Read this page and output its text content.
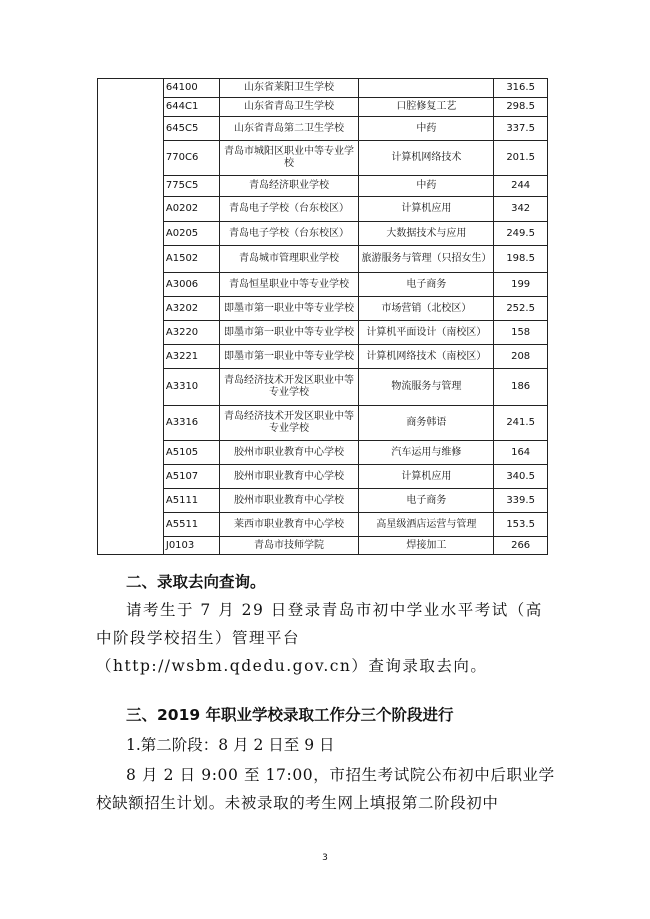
	64100	山东省莱阳卫生学校		316.5
	644C1	山东省青岛卫生学校	口腔修复工艺	298.5
	645C5	山东省青岛第二卫生学校	中药	337.5
	770C6	青岛市城阳区职业中等专业学校	计算机网络技术	201.5
	775C5	青岛经济职业学校	中药	244
	A0202	青岛电子学校（台东校区）	计算机应用	342
	A0205	青岛电子学校（台东校区）	大数据技术与应用	249.5
	A1502	青岛城市管理职业学校	旅游服务与管理（只招女生）	198.5
	A3006	青岛恒星职业中等专业学校	电子商务	199
	A3202	即墨市第一职业中等专业学校	市场营销（北校区）	252.5
	A3220	即墨市第一职业中等专业学校	计算机平面设计（南校区）	158
	A3221	即墨市第一职业中等专业学校	计算机网络技术（南校区）	208
	A3310	青岛经济技术开发区职业中等专业学校	物流服务与管理	186
	A3316	青岛经济技术开发区职业中等专业学校	商务韩语	241.5
	A5105	胶州市职业教育中心学校	汽车运用与维修	164
	A5107	胶州市职业教育中心学校	计算机应用	340.5
	A5111	胶州市职业教育中心学校	电子商务	339.5
	A5511	莱西市职业教育中心学校	高星级酒店运营与管理	153.5
	J0103	青岛市技师学院	焊接加工	266
二、录取去向查询。
请考生于 7 月 29 日登录青岛市初中学业水平考试（高中阶段学校招生）管理平台（http://wsbm.qdedu.gov.cn）查询录取去向。
三、2019 年职业学校录取工作分三个阶段进行
1.第二阶段：8 月 2 日至 9 日
8 月 2 日 9:00 至 17:00，市招生考试院公布初中后职业学校缺额招生计划。未被录取的考生网上填报第二阶段初中
3
